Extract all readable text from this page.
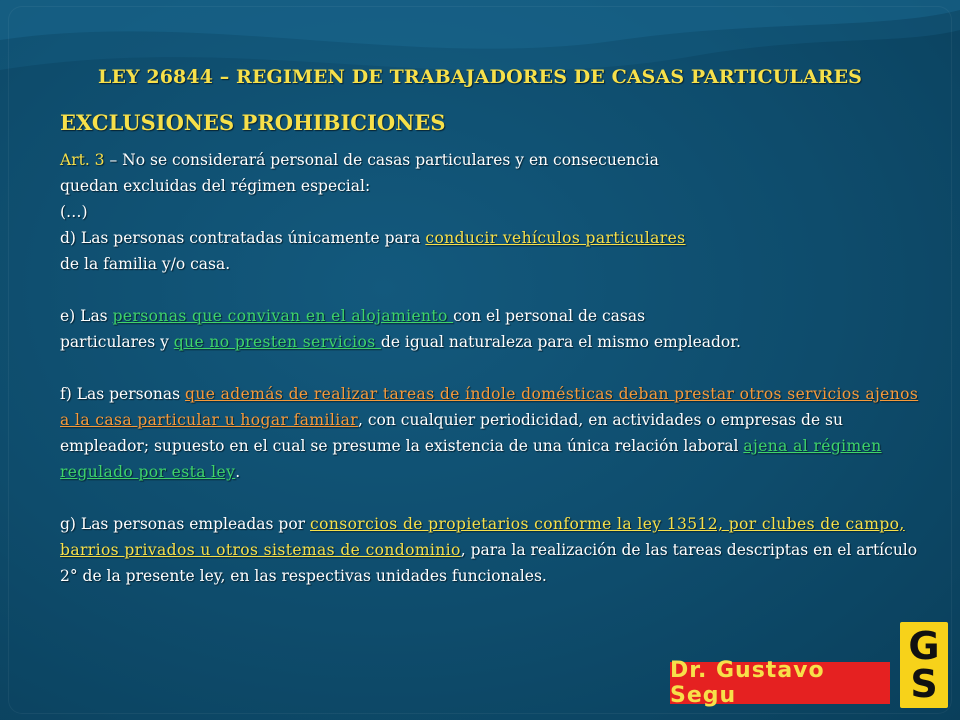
LEY 26844 – REGIMEN DE TRABAJADORES DE CASAS PARTICULARES
EXCLUSIONES PROHIBICIONES

Art. 3 – No se considerará personal de casas particulares y en consecuencia

quedan excluidas del régimen especial:

(…)

d) Las personas contratadas únicamente para conducir vehículos particulares

de la familia y/o casa.

e) Las personas que convivan en el alojamiento con el personal de casas

particulares y que no presten servicios de igual naturaleza para el mismo empleador.

f) Las personas que además de realizar tareas de índole domésticas deban prestar otros servicios ajenos a la casa particular u hogar familiar, con cualquier periodicidad, en actividades o empresas de su empleador; supuesto en el cual se presume la existencia de una única relación laboral ajena al régimen regulado por esta ley.

g) Las personas empleadas por consorcios de propietarios conforme la ley 13512, por clubes de campo, barrios privados u otros sistemas de condominio, para la realización de las tareas descriptas en el artículo 2° de la presente ley, en las respectivas unidades funcionales.

Dr. Gustavo Segu
G
S
